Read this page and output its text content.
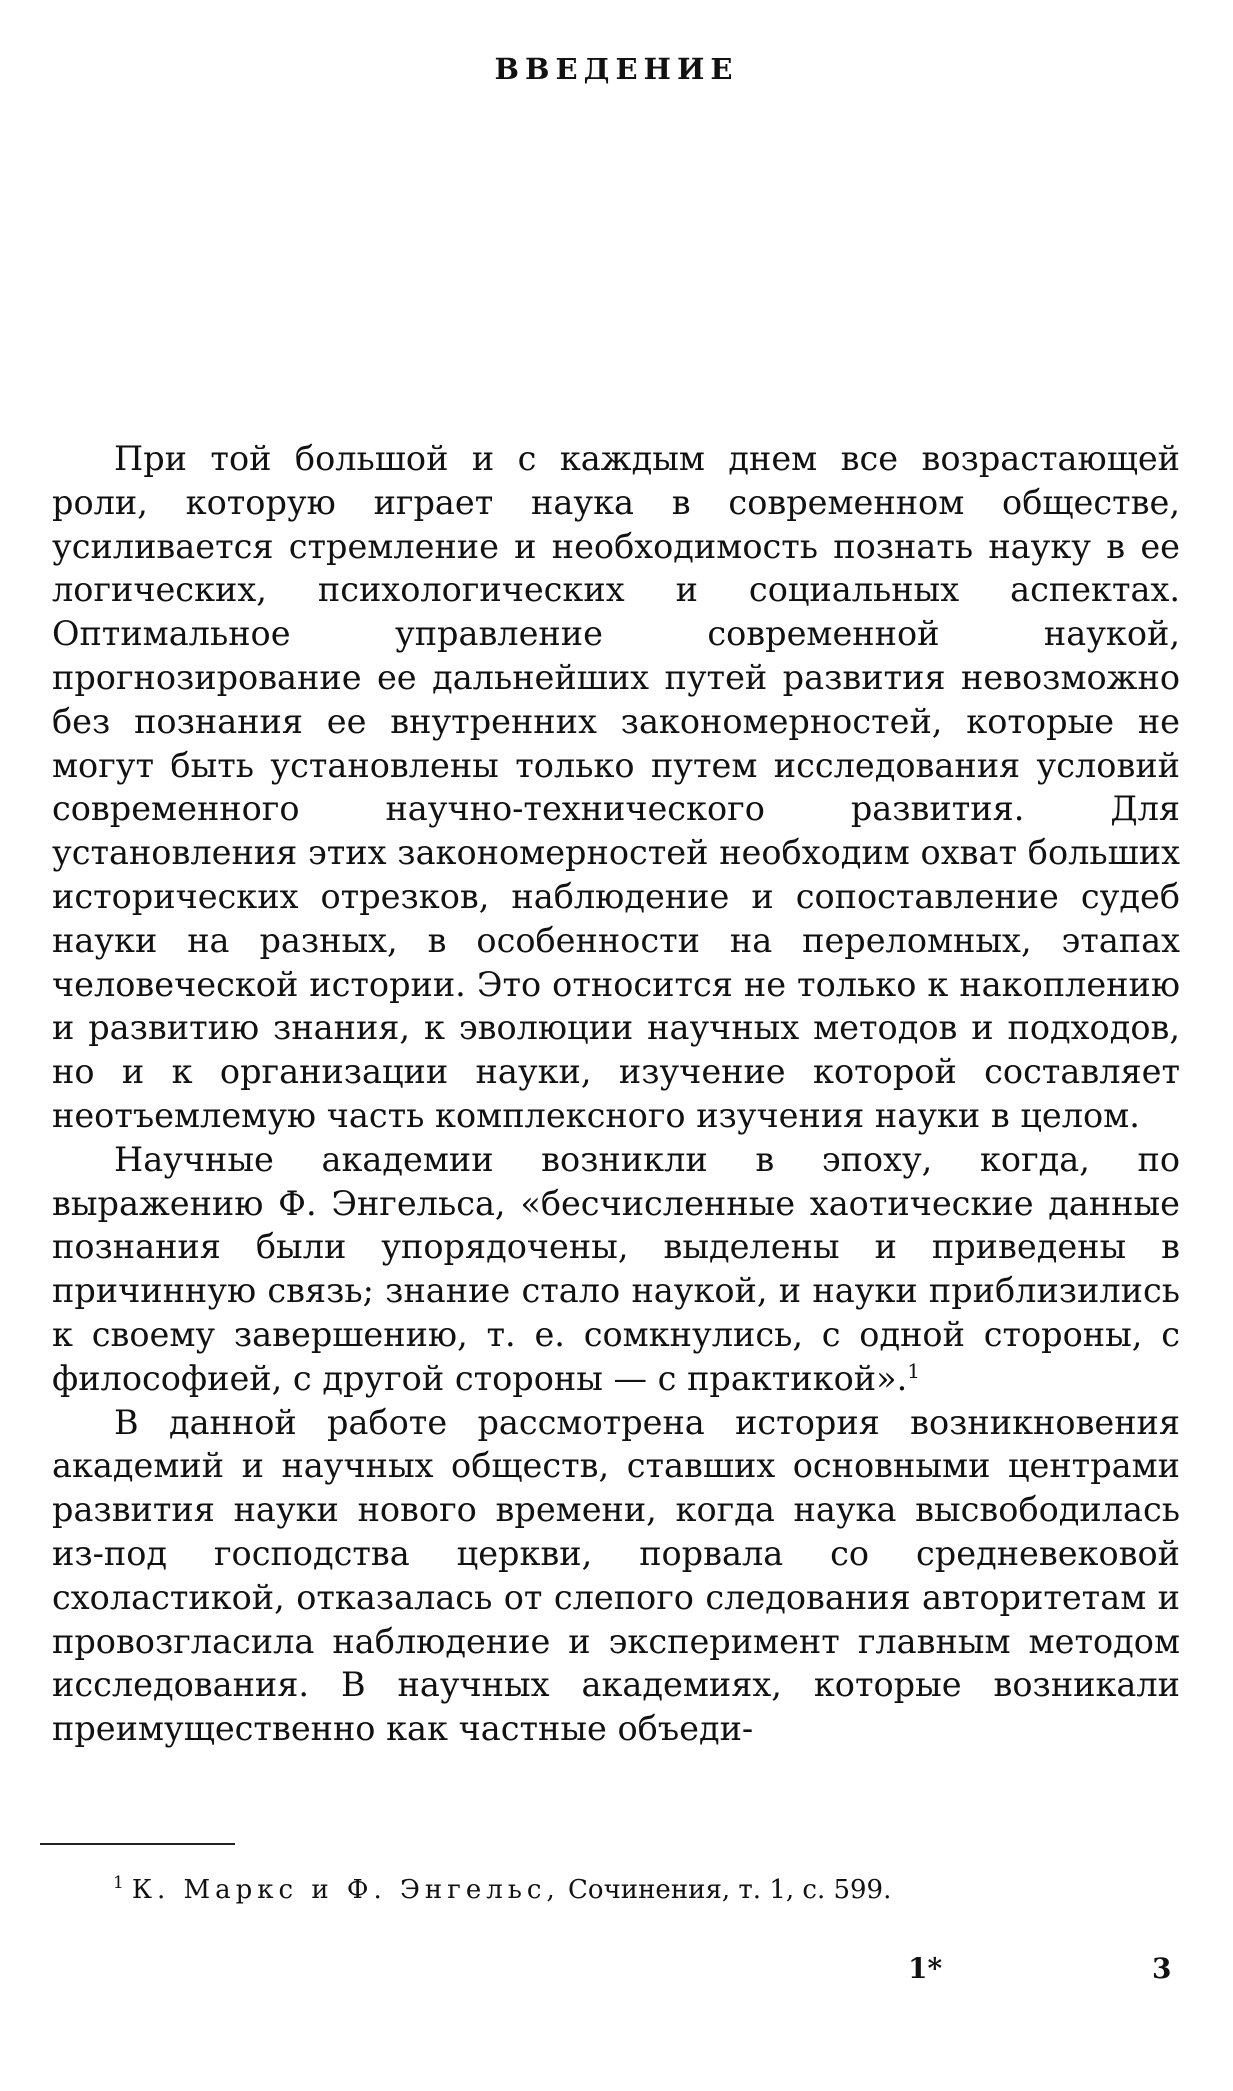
ВВЕДЕНИЕ

При той большой и с каждым днем все возрастающей роли, которую играет наука в современном обществе, усиливается стремление и необходимость познать науку в ее логических, психологических и социальных аспектах. Оптимальное управление современной наукой, прогнозирование ее дальнейших путей развития невозможно без познания ее внутренних закономерностей, которые не могут быть установлены только путем исследования условий современного научно-технического развития. Для установления этих закономерностей необходим охват больших исторических отрезков, наблюдение и сопоставление судеб науки на разных, в особенности на переломных, этапах человеческой истории. Это относится не только к накоплению и развитию знания, к эволюции научных методов и подходов, но и к организации науки, изучение которой составляет неотъемлемую часть комплексного изучения науки в целом.

Научные академии возникли в эпоху, когда, по выражению Ф. Энгельса, «бесчисленные хаотические данные познания были упорядочены, выделены и приведены в причинную связь; знание стало наукой, и науки приблизились к своему завершению, т. е. сомкнулись, с одной стороны, с философией, с другой стороны — с практикой».$^1$

В данной работе рассмотрена история возникновения академий и научных обществ, ставших основными центрами развития науки нового времени, когда наука высвободилась из-под господства церкви, порвала со средневековой схоластикой, отказалась от слепого следования авторитетам и провозгласила наблюдение и эксперимент главным методом исследования. В научных академиях, которые возникали преимущественно как частные объеди-

$^1$ К. Маркс и Ф. Энгельс, Сочинения, т. 1, с. 599.

1*	3
